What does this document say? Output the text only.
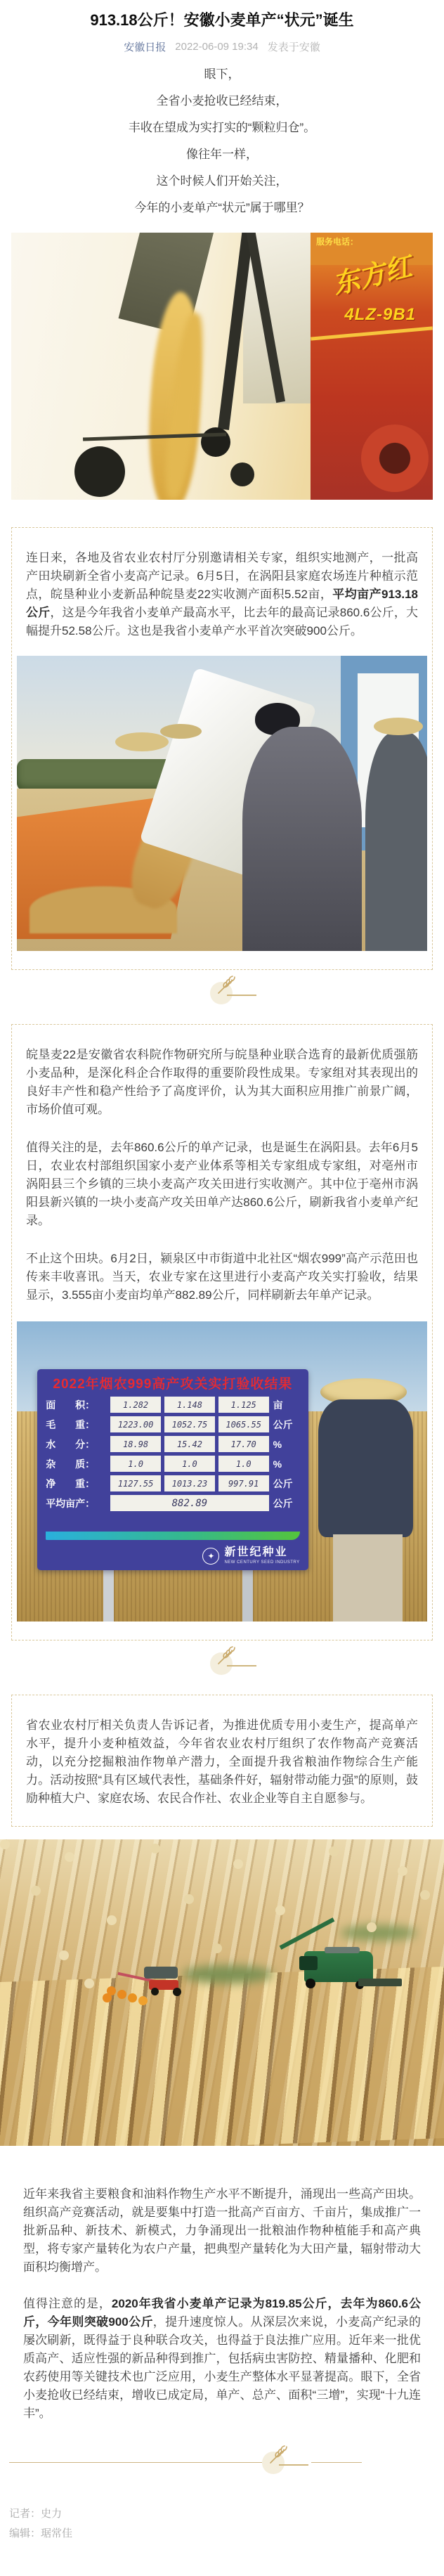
913.18公斤！安徽小麦单产“状元”诞生
安徽日报 2022-06-09 19:34 发表于安徽

眼下，

全省小麦抢收已经结束，

丰收在望成为实打实的“颗粒归仓”。

像往年一样，

这个时候人们开始关注，

今年的小麦单产“状元”属于哪里？

服务电话：
东方红
4LZ-9B1

连日来，各地及省农业农村厅分别邀请相关专家，组织实地测产，一批高产田块刷新全省小麦高产记录。6月5日，在涡阳县家庭农场连片种植示范点，皖垦种业小麦新品种皖垦麦22实收测产面积5.52亩，平均亩产913.18公斤，这是今年我省小麦单产最高水平，比去年的最高记录860.6公斤，大幅提升52.58公斤。这也是我省小麦单产水平首次突破900公斤。

皖垦麦22是安徽省农科院作物研究所与皖垦种业联合选育的最新优质强筋小麦品种，是深化科企合作取得的重要阶段性成果。专家组对其表现出的良好丰产性和稳产性给予了高度评价，认为其大面积应用推广前景广阔，市场价值可观。

值得关注的是，去年860.6公斤的单产记录，也是诞生在涡阳县。去年6月5日，农业农村部组织国家小麦产业体系等相关专家组成专家组，对亳州市涡阳县三个乡镇的三块小麦高产攻关田进行实收测产。其中位于亳州市涡阳县新兴镇的一块小麦高产攻关田单产达860.6公斤，刷新我省小麦单产纪录。

不止这个田块。6月2日，颍泉区中市街道中北社区“烟农999”高产示范田也传来丰收喜讯。当天，农业专家在这里进行小麦高产攻关实打验收，结果显示，3.555亩小麦亩均单产882.89公斤，同样刷新去年单产记录。

2022年烟农999高产攻关实打验收结果
面　　积：	1.282	1.148	1.125	亩
毛　　重：	1223.00	1052.75	1065.55	公斤
水　　分：	18.98	15.42	17.70	%
杂　　质：	1.0	1.0	1.0	%
净　　重：	1127.55	1013.23	997.91	公斤
平均亩产：	882.89	公斤
✦ 新世纪种业
NEW CENTURY SEED INDUSTRY

省农业农村厅相关负责人告诉记者，为推进优质专用小麦生产，提高单产水平，提升小麦种植效益，今年省农业农村厅组织了农作物高产竞赛活动，以充分挖掘粮油作物单产潜力，全面提升我省粮油作物综合生产能力。活动按照“具有区域代表性，基础条件好，辐射带动能力强”的原则，鼓励种植大户、家庭农场、农民合作社、农业企业等自主自愿参与。

近年来我省主要粮食和油料作物生产水平不断提升，涌现出一些高产田块。组织高产竞赛活动，就是要集中打造一批高产百亩方、千亩片，集成推广一批新品种、新技术、新模式，力争涌现出一批粮油作物种植能手和高产典型，将专家产量转化为农户产量，把典型产量转化为大田产量，辐射带动大面积均衡增产。

值得注意的是，2020年我省小麦单产记录为819.85公斤，去年为860.6公斤，今年则突破900公斤，提升速度惊人。从深层次来说，小麦高产纪录的屡次刷新，既得益于良种联合攻关，也得益于良法推广应用。近年来一批优质高产、适应性强的新品种得到推广，包括病虫害防控、精量播种、化肥和农药使用等关键技术也广泛应用，小麦生产整体水平显著提高。眼下，全省小麦抢收已经结束，增收已成定局，单产、总产、面积“三增”，实现“十九连丰”。

记者：史力

编辑：琚常佳
